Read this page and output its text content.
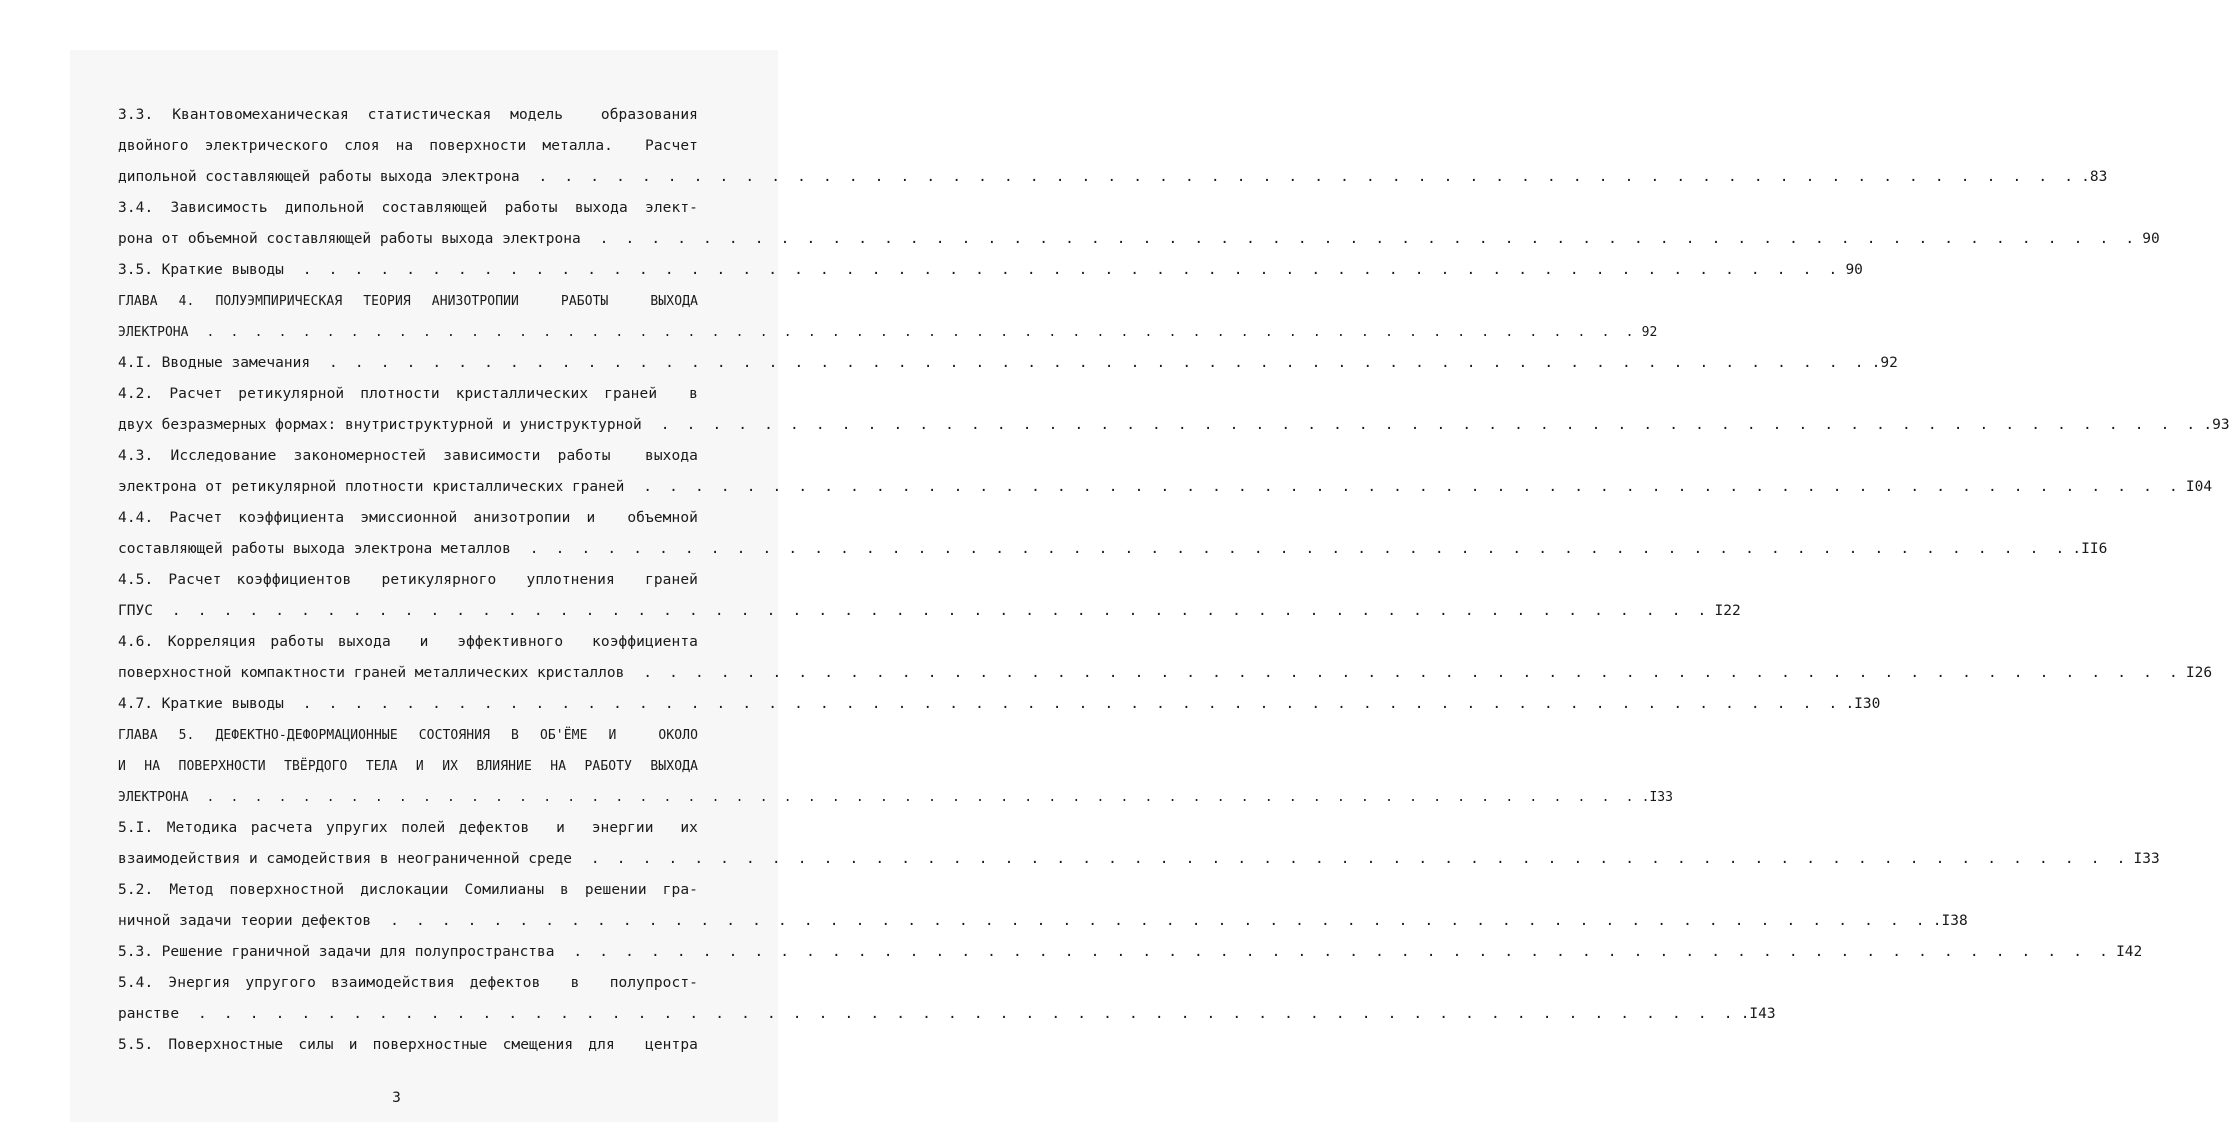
3.3. Квантовомеханическая статистическая модель  образования
двойного электрического слоя на поверхности металла.  Расчет
дипольной составляющей работы выхода электрона . . . . . . . . . . . . . . . . . . . . . . . . . . . . . . . . . . . . . . . . . . . . . . . . . . . . . . . . . . . . .83
3.4. Зависимость дипольной составляющей работы выхода элект-
рона от объемной составляющей работы выхода электрона . . . . . . . . . . . . . . . . . . . . . . . . . . . . . . . . . . . . . . . . . . . . . . . . . . . . . . . . . . . . 90
3.5. Краткие выводы . . . . . . . . . . . . . . . . . . . . . . . . . . . . . . . . . . . . . . . . . . . . . . . . . . . . . . . . . . . . 90
ГЛАВА 4. ПОЛУЭМПИРИЧЕСКАЯ ТЕОРИЯ АНИЗОТРОПИИ  РАБОТЫ  ВЫХОДА
ЭЛЕКТРОНА . . . . . . . . . . . . . . . . . . . . . . . . . . . . . . . . . . . . . . . . . . . . . . . . . . . . . . . . . . . . 92
4.I. Вводные замечания . . . . . . . . . . . . . . . . . . . . . . . . . . . . . . . . . . . . . . . . . . . . . . . . . . . . . . . . . . . . .92
4.2. Расчет ретикулярной плотности кристаллических граней  в
двух безразмерных формах: внутриструктурной и униструктурной . . . . . . . . . . . . . . . . . . . . . . . . . . . . . . . . . . . . . . . . . . . . . . . . . . . . . . . . . . . . .93
4.3. Исследование закономерностей зависимости работы  выхода
электрона от ретикулярной плотности кристаллических граней . . . . . . . . . . . . . . . . . . . . . . . . . . . . . . . . . . . . . . . . . . . . . . . . . . . . . . . . . . . . I04
4.4. Расчет коэффициента эмиссионной анизотропии и  объемной
составляющей работы выхода электрона металлов . . . . . . . . . . . . . . . . . . . . . . . . . . . . . . . . . . . . . . . . . . . . . . . . . . . . . . . . . . . . .II6
4.5. Расчет коэффициентов  ретикулярного  уплотнения  граней
ГПУС . . . . . . . . . . . . . . . . . . . . . . . . . . . . . . . . . . . . . . . . . . . . . . . . . . . . . . . . . . . . I22
4.6. Корреляция работы выхода  и  эффективного  коэффициента
поверхностной компактности граней металлических кристаллов . . . . . . . . . . . . . . . . . . . . . . . . . . . . . . . . . . . . . . . . . . . . . . . . . . . . . . . . . . . . I26
4.7. Краткие выводы . . . . . . . . . . . . . . . . . . . . . . . . . . . . . . . . . . . . . . . . . . . . . . . . . . . . . . . . . . . . .I30
ГЛАВА 5. ДЕФЕКТНО-ДЕФОРМАЦИОННЫЕ СОСТОЯНИЯ В ОБ'ЁМЕ И  ОКОЛО
И НА ПОВЕРХНОСТИ ТВЁРДОГО ТЕЛА И ИХ ВЛИЯНИЕ НА РАБОТУ ВЫХОДА
ЭЛЕКТРОНА . . . . . . . . . . . . . . . . . . . . . . . . . . . . . . . . . . . . . . . . . . . . . . . . . . . . . . . . . . . . .I33
5.I. Методика расчета упругих полей дефектов  и  энергии  их
взаимодействия и самодействия в неограниченной среде . . . . . . . . . . . . . . . . . . . . . . . . . . . . . . . . . . . . . . . . . . . . . . . . . . . . . . . . . . . . I33
5.2. Метод поверхностной дислокации Сомилианы в решении гра-
ничной задачи теории дефектов . . . . . . . . . . . . . . . . . . . . . . . . . . . . . . . . . . . . . . . . . . . . . . . . . . . . . . . . . . . . .I38
5.3. Решение граничной задачи для полупространства . . . . . . . . . . . . . . . . . . . . . . . . . . . . . . . . . . . . . . . . . . . . . . . . . . . . . . . . . . . . I42
5.4. Энергия упругого взаимодействия дефектов  в  полупрост-
ранстве . . . . . . . . . . . . . . . . . . . . . . . . . . . . . . . . . . . . . . . . . . . . . . . . . . . . . . . . . . . . .I43
5.5. Поверхностные силы и поверхностные смещения для  центра
3
